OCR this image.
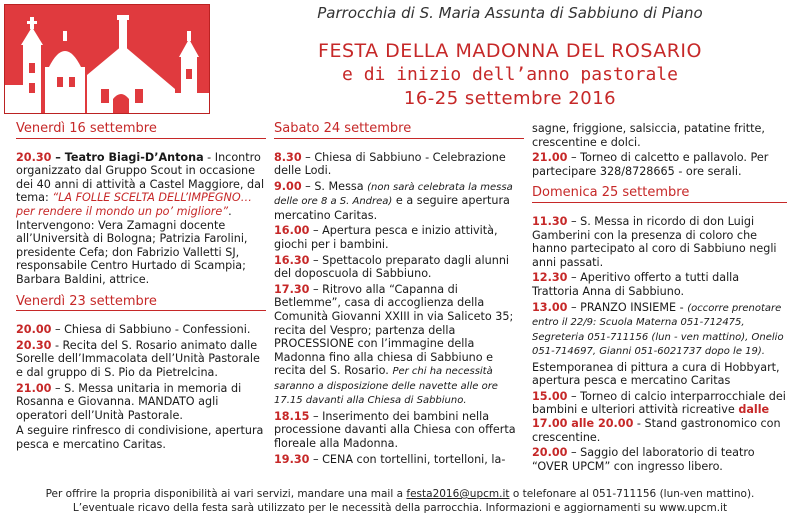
Parrocchia di S. Maria Assunta di Sabbiuno di Piano
FESTA DELLA MADONNA DEL ROSARIO
e di inizio dell’anno pastorale
16-25 settembre 2016
Venerdì 16 settembre

20.30 – Teatro Biagi-D’Antona - Incontro organizzato dal Gruppo Scout in occasione dei 40 anni di attività a Castel Maggiore, dal tema: “LA FOLLE SCELTA DELL’IMPEGNO… per rendere il mondo un po’ migliore”. Intervengono: Vera Zamagni docente all’Università di Bologna; Patrizia Farolini, presidente Cefa; don Fabrizio Valletti SJ, responsabile Centro Hurtado di Scampia; Barbara Baldini, attrice.

Venerdì 23 settembre

20.00 – Chiesa di Sabbiuno - Confessioni.

20.30 - Recita del S. Rosario animato dalle Sorelle dell’Immacolata dell’Unità Pastorale e dal gruppo di S. Pio da Pietrelcina.

21.00 – S. Messa unitaria in memoria di Rosanna e Giovanna. MANDATO agli operatori dell’Unità Pastorale.

A seguire rinfresco di condivisione, apertura pesca e mercatino Caritas.

Sabato 24 settembre

8.30 – Chiesa di Sabbiuno - Celebrazione delle Lodi.

9.00 – S. Messa (non sarà celebrata la messa delle ore 8 a S. Andrea) e a seguire apertura mercatino Caritas.

16.00 – Apertura pesca e inizio attività, giochi per i bambini.

16.30 – Spettacolo preparato dagli alunni del doposcuola di Sabbiuno.

17.30 – Ritrovo alla “Capanna di Betlemme”, casa di accoglienza della Comunità Giovanni XXIII in via Saliceto 35; recita del Vespro; partenza della PROCESSIONE con l’immagine della Madonna fino alla chiesa di Sabbiuno e recita del S. Rosario. Per chi ha necessità saranno a disposizione delle navette alle ore 17.15 davanti alla Chiesa di Sabbiuno.

18.15 – Inserimento dei bambini nella processione davanti alla Chiesa con offerta floreale alla Madonna.

19.30 – CENA con tortellini, tortelloni, la-

sagne, friggione, salsiccia, patatine fritte, crescentine e dolci.

21.00 – Torneo di calcetto e pallavolo. Per partecipare 328/8728665 - ore serali.

Domenica 25 settembre

11.30 – S. Messa in ricordo di don Luigi Gamberini con la presenza di coloro che hanno partecipato al coro di Sabbiuno negli anni passati.

12.30 – Aperitivo offerto a tutti dalla Trattoria Anna di Sabbiuno.

13.00 – PRANZO INSIEME - (occorre prenotare entro il 22/9: Scuola Materna 051-712475, Segreteria 051-711156 (lun - ven mattino), Onelio 051-714697, Gianni 051-6021737 dopo le 19).

Estemporanea di pittura a cura di Hobbyart, apertura pesca e mercatino Caritas

15.00 – Torneo di calcio interparrocchiale dei bambini e ulteriori attività ricreative dalle 17.00 alle 20.00 - Stand gastronomico con crescentine.

20.00 – Saggio del laboratorio di teatro “OVER UPCM” con ingresso libero.

Per offrire la propria disponibilità ai vari servizi, mandare una mail a festa2016@upcm.it o telefonare al 051-711156 (lun-ven mattino).
L’eventuale ricavo della festa sarà utilizzato per le necessità della parrocchia. Informazioni e aggiornamenti su www.upcm.it
